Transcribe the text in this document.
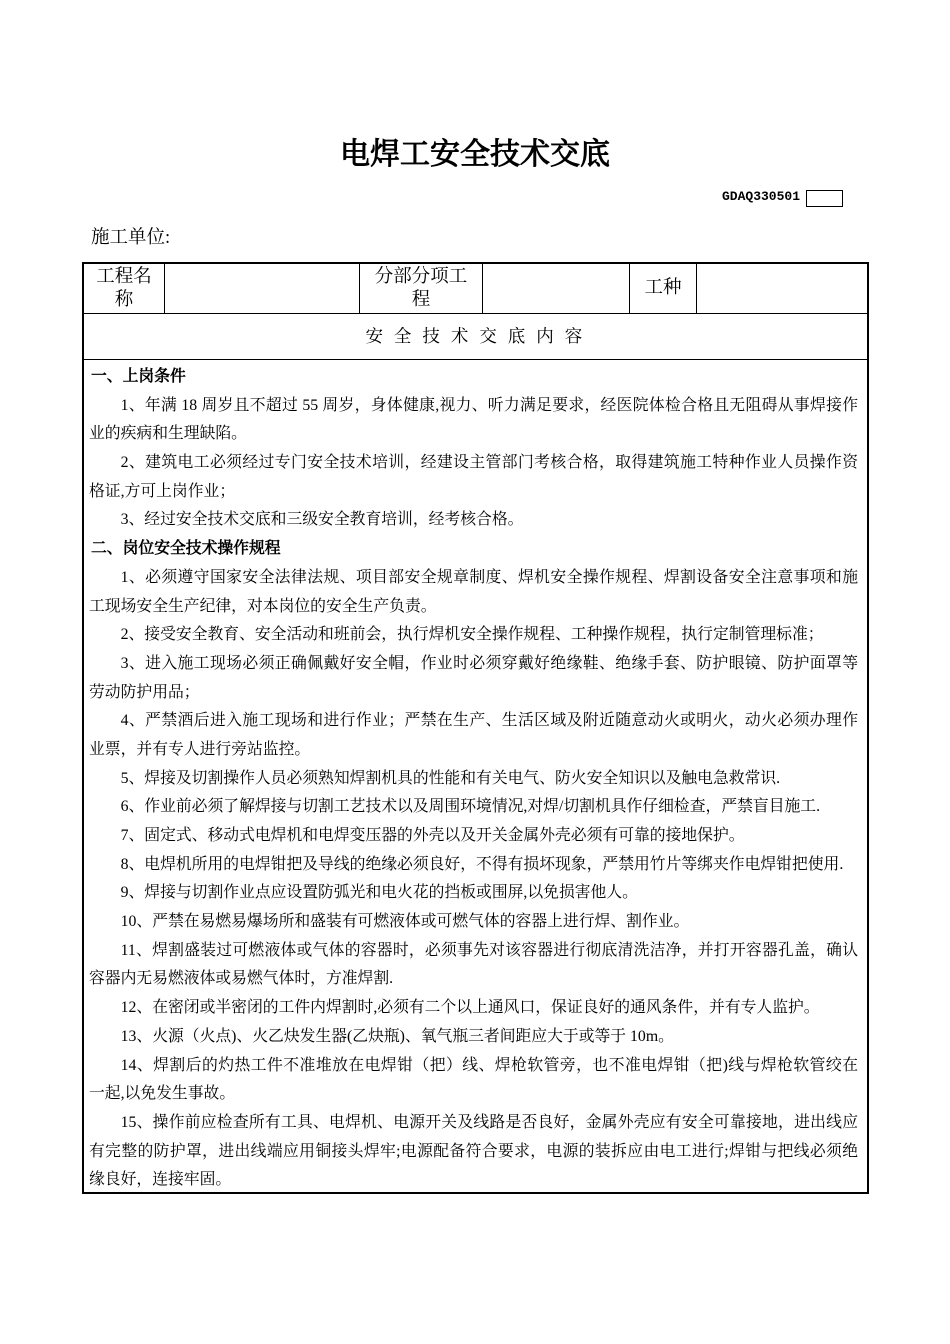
电焊工安全技术交底
GDAQ330501
施工单位:
工程名称
分部分项工程
工种
安 全 技 术 交 底 内 容
一、上岗条件
1、年满 18 周岁且不超过 55 周岁，身体健康,视力、听力满足要求，经医院体检合格且无阻碍从事焊接作
业的疾病和生理缺陷。
2、建筑电工必须经过专门安全技术培训，经建设主管部门考核合格，取得建筑施工特种作业人员操作资
格证,方可上岗作业；
3、经过安全技术交底和三级安全教育培训，经考核合格。
二、岗位安全技术操作规程
1、必须遵守国家安全法律法规、项目部安全规章制度、焊机安全操作规程、焊割设备安全注意事项和施
工现场安全生产纪律，对本岗位的安全生产负责。
2、接受安全教育、安全活动和班前会，执行焊机安全操作规程、工种操作规程，执行定制管理标准；
3、进入施工现场必须正确佩戴好安全帽，作业时必须穿戴好绝缘鞋、绝缘手套、防护眼镜、防护面罩等
劳动防护用品；
4、严禁酒后进入施工现场和进行作业；严禁在生产、生活区域及附近随意动火或明火，动火必须办理作
业票，并有专人进行旁站监控。
5、焊接及切割操作人员必须熟知焊割机具的性能和有关电气、防火安全知识以及触电急救常识.
6、作业前必须了解焊接与切割工艺技术以及周围环境情况,对焊/切割机具作仔细检查，严禁盲目施工.
7、固定式、移动式电焊机和电焊变压器的外壳以及开关金属外壳必须有可靠的接地保护。
8、电焊机所用的电焊钳把及导线的绝缘必须良好，不得有损坏现象，严禁用竹片等绑夹作电焊钳把使用.
9、焊接与切割作业点应设置防弧光和电火花的挡板或围屏,以免损害他人。
10、严禁在易燃易爆场所和盛装有可燃液体或可燃气体的容器上进行焊、割作业。
11、焊割盛装过可燃液体或气体的容器时，必须事先对该容器进行彻底清洗洁净，并打开容器孔盖，确认
容器内无易燃液体或易燃气体时，方准焊割.
12、在密闭或半密闭的工件内焊割时,必须有二个以上通风口，保证良好的通风条件，并有专人监护。
13、火源（火点)、火乙炔发生器(乙炔瓶)、氧气瓶三者间距应大于或等于 10m。
14、焊割后的灼热工件不准堆放在电焊钳（把）线、焊枪软管旁，也不准电焊钳（把)线与焊枪软管绞在
一起,以免发生事故。
15、操作前应检查所有工具、电焊机、电源开关及线路是否良好，金属外壳应有安全可靠接地，进出线应
有完整的防护罩，进出线端应用铜接头焊牢;电源配备符合要求，电源的装拆应由电工进行;焊钳与把线必须绝
缘良好，连接牢固。
